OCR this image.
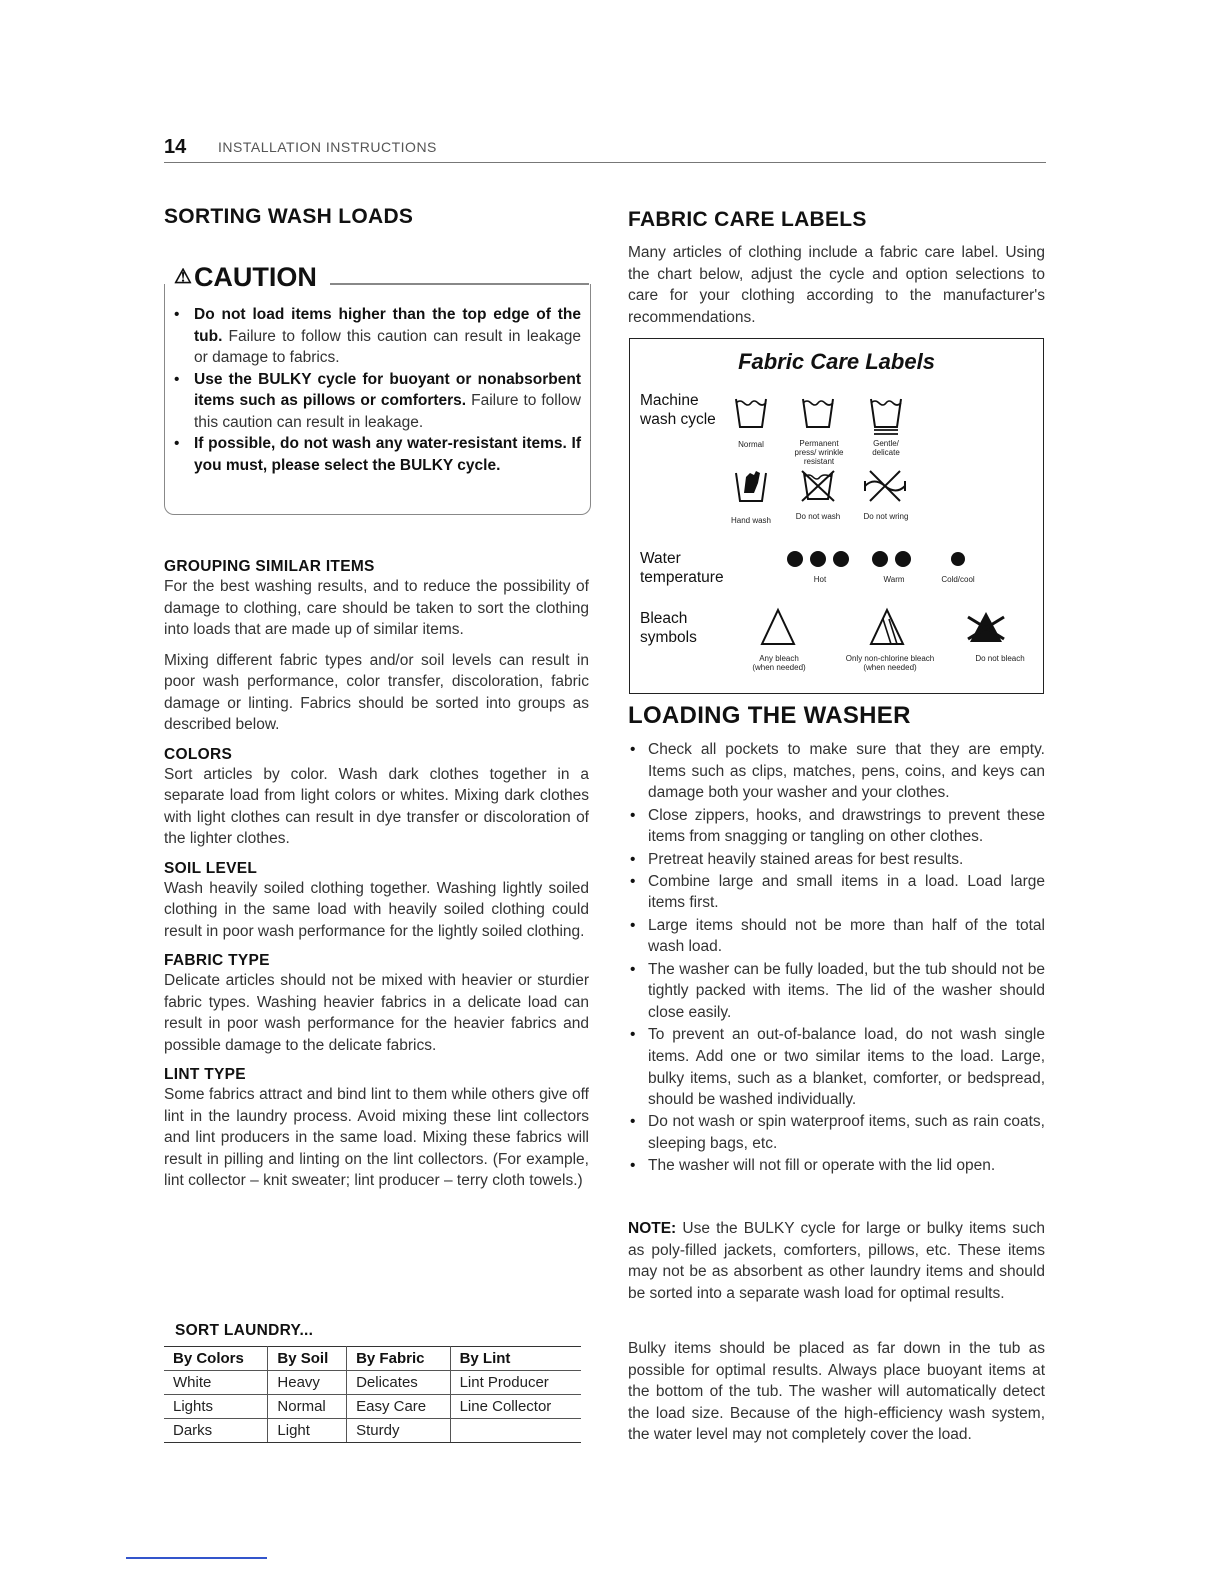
14 INSTALLATION INSTRUCTIONS
SORTING WASH LOADS
⚠CAUTION
• Do not load items higher than the top edge of the tub. Failure to follow this caution can result in leakage or damage to fabrics.
• Use the BULKY cycle for buoyant or nonabsorbent items such as pillows or comforters. Failure to follow this caution can result in leakage.
• If possible, do not wash any water-resistant items. If you must, please select the BULKY cycle.
GROUPING SIMILAR ITEMS

For the best washing results, and to reduce the possibility of damage to clothing, care should be taken to sort the clothing into loads that are made up of similar items.

Mixing different fabric types and/or soil levels can result in poor wash performance, color transfer, discoloration, fabric damage or linting. Fabrics should be sorted into groups as described below.

COLORS

Sort articles by color. Wash dark clothes together in a separate load from light colors or whites. Mixing dark clothes with light clothes can result in dye transfer or discoloration of the lighter clothes.

SOIL LEVEL

Wash heavily soiled clothing together. Washing lightly soiled clothing in the same load with heavily soiled clothing could result in poor wash performance for the lightly soiled clothing.

FABRIC TYPE

Delicate articles should not be mixed with heavier or sturdier fabric types. Washing heavier fabrics in a delicate load can result in poor wash performance for the heavier fabrics and possible damage to the delicate fabrics.

LINT TYPE

Some fabrics attract and bind lint to them while others give off lint in the laundry process. Avoid mixing these lint collectors and lint producers in the same load. Mixing these fabrics will result in pilling and linting on the lint collectors. (For example, lint collector – knit sweater; lint producer – terry cloth towels.)

SORT LAUNDRY...
By Colors	By Soil	By Fabric	By Lint
White	Heavy	Delicates	Lint Producer
Lights	Normal	Easy Care	Line Collector
Darks	Light	Sturdy	
FABRIC CARE LABELS

Many articles of clothing include a fabric care label. Using the chart below, adjust the cycle and option selections to care for your clothing according to the manufacturer's recommendations.

Fabric Care Labels
Machine wash cycle
Water temperature
Bleach symbols
Normal	Permanent press/ wrinkle resistant
Gentle/ delicate
Hand wash	Do not wash	Do not wring
Hot	Warm	Cold/cool
Any bleach (when needed)
Only non-chlorine bleach (when needed)
Do not bleach
LOADING THE WASHER
• Check all pockets to make sure that they are empty. Items such as clips, matches, pens, coins, and keys can damage both your washer and your clothes.
• Close zippers, hooks, and drawstrings to prevent these items from snagging or tangling on other clothes.
• Pretreat heavily stained areas for best results.
• Combine large and small items in a load. Load large items first.
• Large items should not be more than half of the total wash load.
• The washer can be fully loaded, but the tub should not be tightly packed with items. The lid of the washer should close easily.
• To prevent an out-of-balance load, do not wash single items. Add one or two similar items to the load. Large, bulky items, such as a blanket, comforter, or bedspread, should be washed individually.
• Do not wash or spin waterproof items, such as rain coats, sleeping bags, etc.
• The washer will not fill or operate with the lid open.

NOTE: Use the BULKY cycle for large or bulky items such as poly-filled jackets, comforters, pillows, etc. These items may not be as absorbent as other laundry items and should be sorted into a separate wash load for optimal results.

Bulky items should be placed as far down in the tub as possible for optimal results. Always place buoyant items at the bottom of the tub. The washer will automatically detect the load size. Because of the high-efficiency wash system, the water level may not completely cover the load.
